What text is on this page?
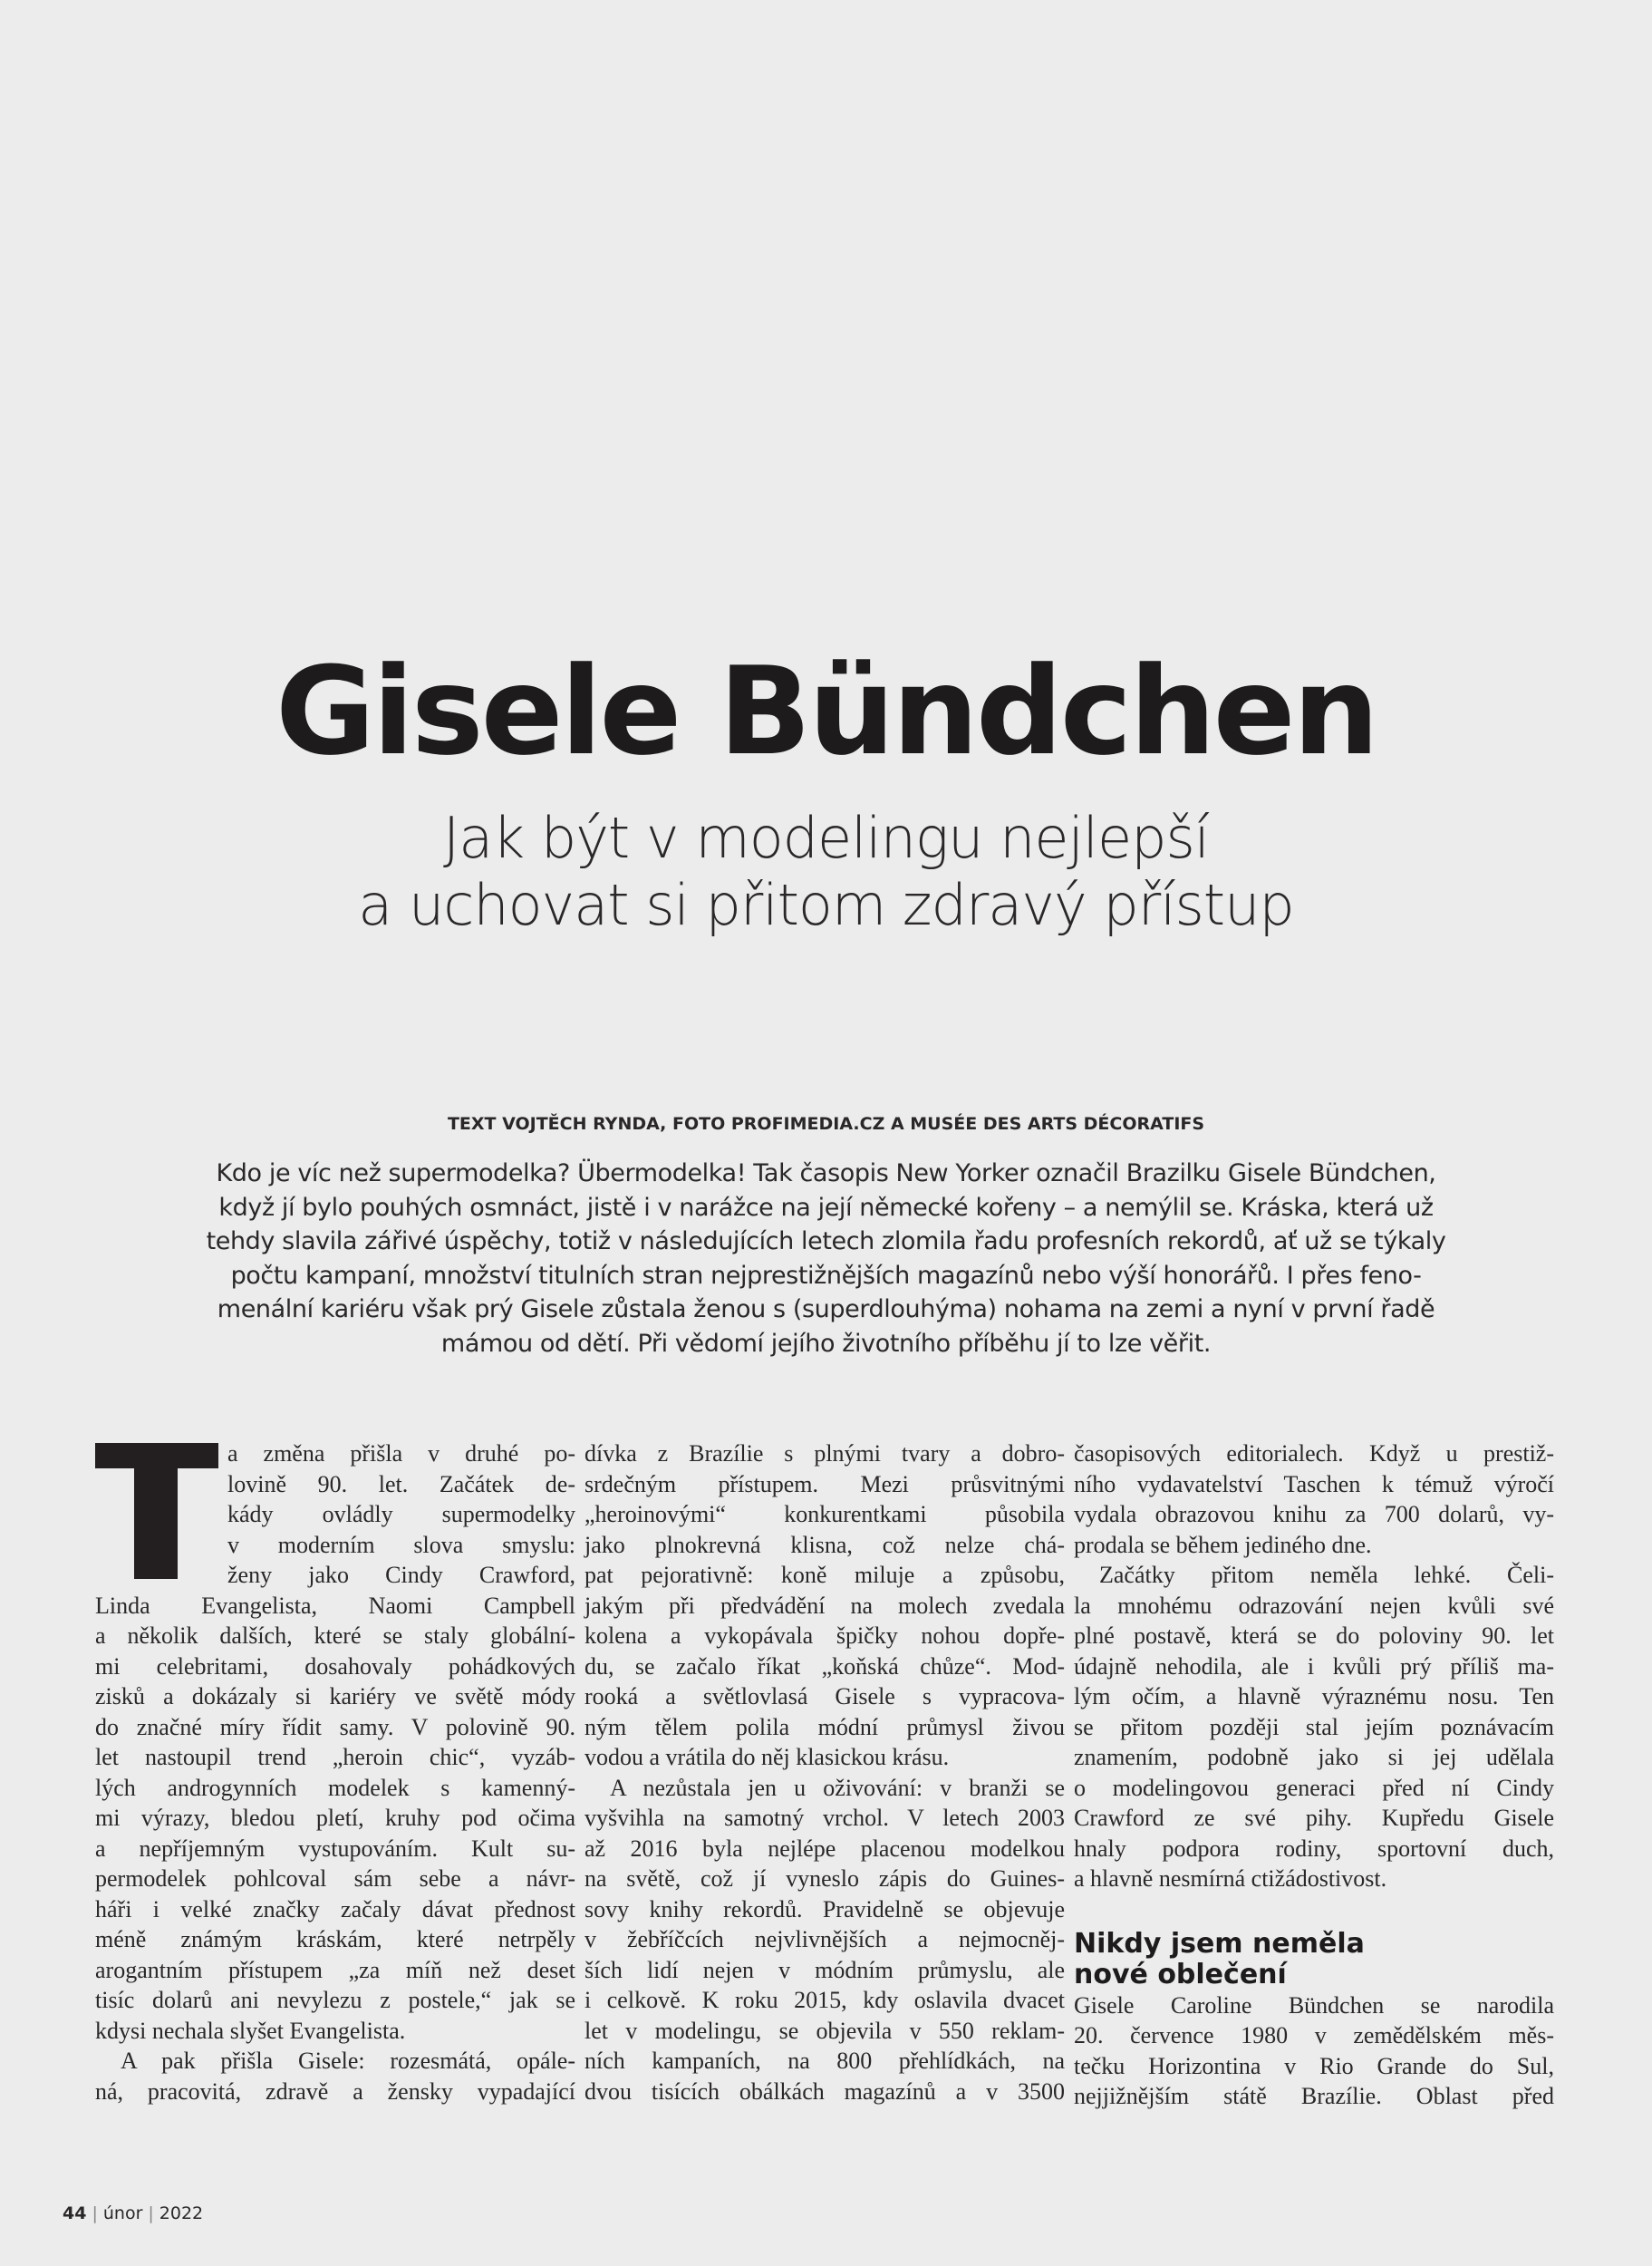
Gisele Bündchen
Jak být v modelingu nejlepší
a uchovat si přitom zdravý přístup
TEXT VOJTĚCH RYNDA, FOTO PROFIMEDIA.CZ A MUSÉE DES ARTS DÉCORATIFS
Kdo je víc než supermodelka? Übermodelka! Tak časopis New Yorker označil Brazilku Gisele Bündchen,
když jí bylo pouhých osmnáct, jistě i v narážce na její německé kořeny – a nemýlil se. Kráska, která už
tehdy slavila zářivé úspěchy, totiž v následujících letech zlomila řadu profesních rekordů, ať už se týkaly
počtu kampaní, množství titulních stran nejprestižnějších magazínů nebo výší honorářů. I přes feno-
menální kariéru však prý Gisele zůstala ženou s (superdlouhýma) nohama na zemi a nyní v první řadě
mámou od dětí. Při vědomí jejího životního příběhu jí to lze věřit.
a změna přišla v druhé po-
lovině 90. let. Začátek de-
kády ovládly supermodelky
v moderním slova smyslu:
ženy jako Cindy Crawford,
Linda Evangelista, Naomi Campbell
a několik dalších, které se staly globální-
mi celebritami, dosahovaly pohádkových
zisků a dokázaly si kariéry ve světě módy
do značné míry řídit samy. V polovině 90.
let nastoupil trend „heroin chic“, vyzáb-
lých androgynních modelek s kamenný-
mi výrazy, bledou pletí, kruhy pod očima
a nepříjemným vystupováním. Kult su-
permodelek pohlcoval sám sebe a návr-
háři i velké značky začaly dávat přednost
méně známým kráskám, které netrpěly
arogantním přístupem „za míň než deset
tisíc dolarů ani nevylezu z postele,“ jak se
kdysi nechala slyšet Evangelista.
A pak přišla Gisele: rozesmátá, opále-
ná, pracovitá, zdravě a žensky vypadající
dívka z Brazílie s plnými tvary a dobro-
srdečným přístupem. Mezi průsvitnými
„heroinovými“ konkurentkami působila
jako plnokrevná klisna, což nelze chá-
pat pejorativně: koně miluje a způsobu,
jakým při předvádění na molech zvedala
kolena a vykopávala špičky nohou dopře-
du, se začalo říkat „koňská chůze“. Mod-
rooká a světlovlasá Gisele s vypracova-
ným tělem polila módní průmysl živou
vodou a vrátila do něj klasickou krásu.
A nezůstala jen u oživování: v branži se
vyšvihla na samotný vrchol. V letech 2003
až 2016 byla nejlépe placenou modelkou
na světě, což jí vyneslo zápis do Guines-
sovy knihy rekordů. Pravidelně se objevuje
v žebříčcích nejvlivnějších a nejmocněj-
ších lidí nejen v módním průmyslu, ale
i celkově. K roku 2015, kdy oslavila dvacet
let v modelingu, se objevila v 550 reklam-
ních kampaních, na 800 přehlídkách, na
dvou tisících obálkách magazínů a v 3500
časopisových editorialech. Když u prestiž-
ního vydavatelství Taschen k témuž výročí
vydala obrazovou knihu za 700 dolarů, vy-
prodala se během jediného dne.
Začátky přitom neměla lehké. Čeli-
la mnohému odrazování nejen kvůli své
plné postavě, která se do poloviny 90. let
údajně nehodila, ale i kvůli prý příliš ma-
lým očím, a hlavně výraznému nosu. Ten
se přitom později stal jejím poznávacím
znamením, podobně jako si jej udělala
o modelingovou generaci před ní Cindy
Crawford ze své pihy. Kupředu Gisele
hnaly podpora rodiny, sportovní duch,
a hlavně nesmírná ctižádostivost.
Nikdy jsem neměla
nové oblečení
Gisele Caroline Bündchen se narodila
20. července 1980 v zemědělském měs-
tečku Horizontina v Rio Grande do Sul,
nejjižnějším státě Brazílie. Oblast před
44 | únor | 2022
